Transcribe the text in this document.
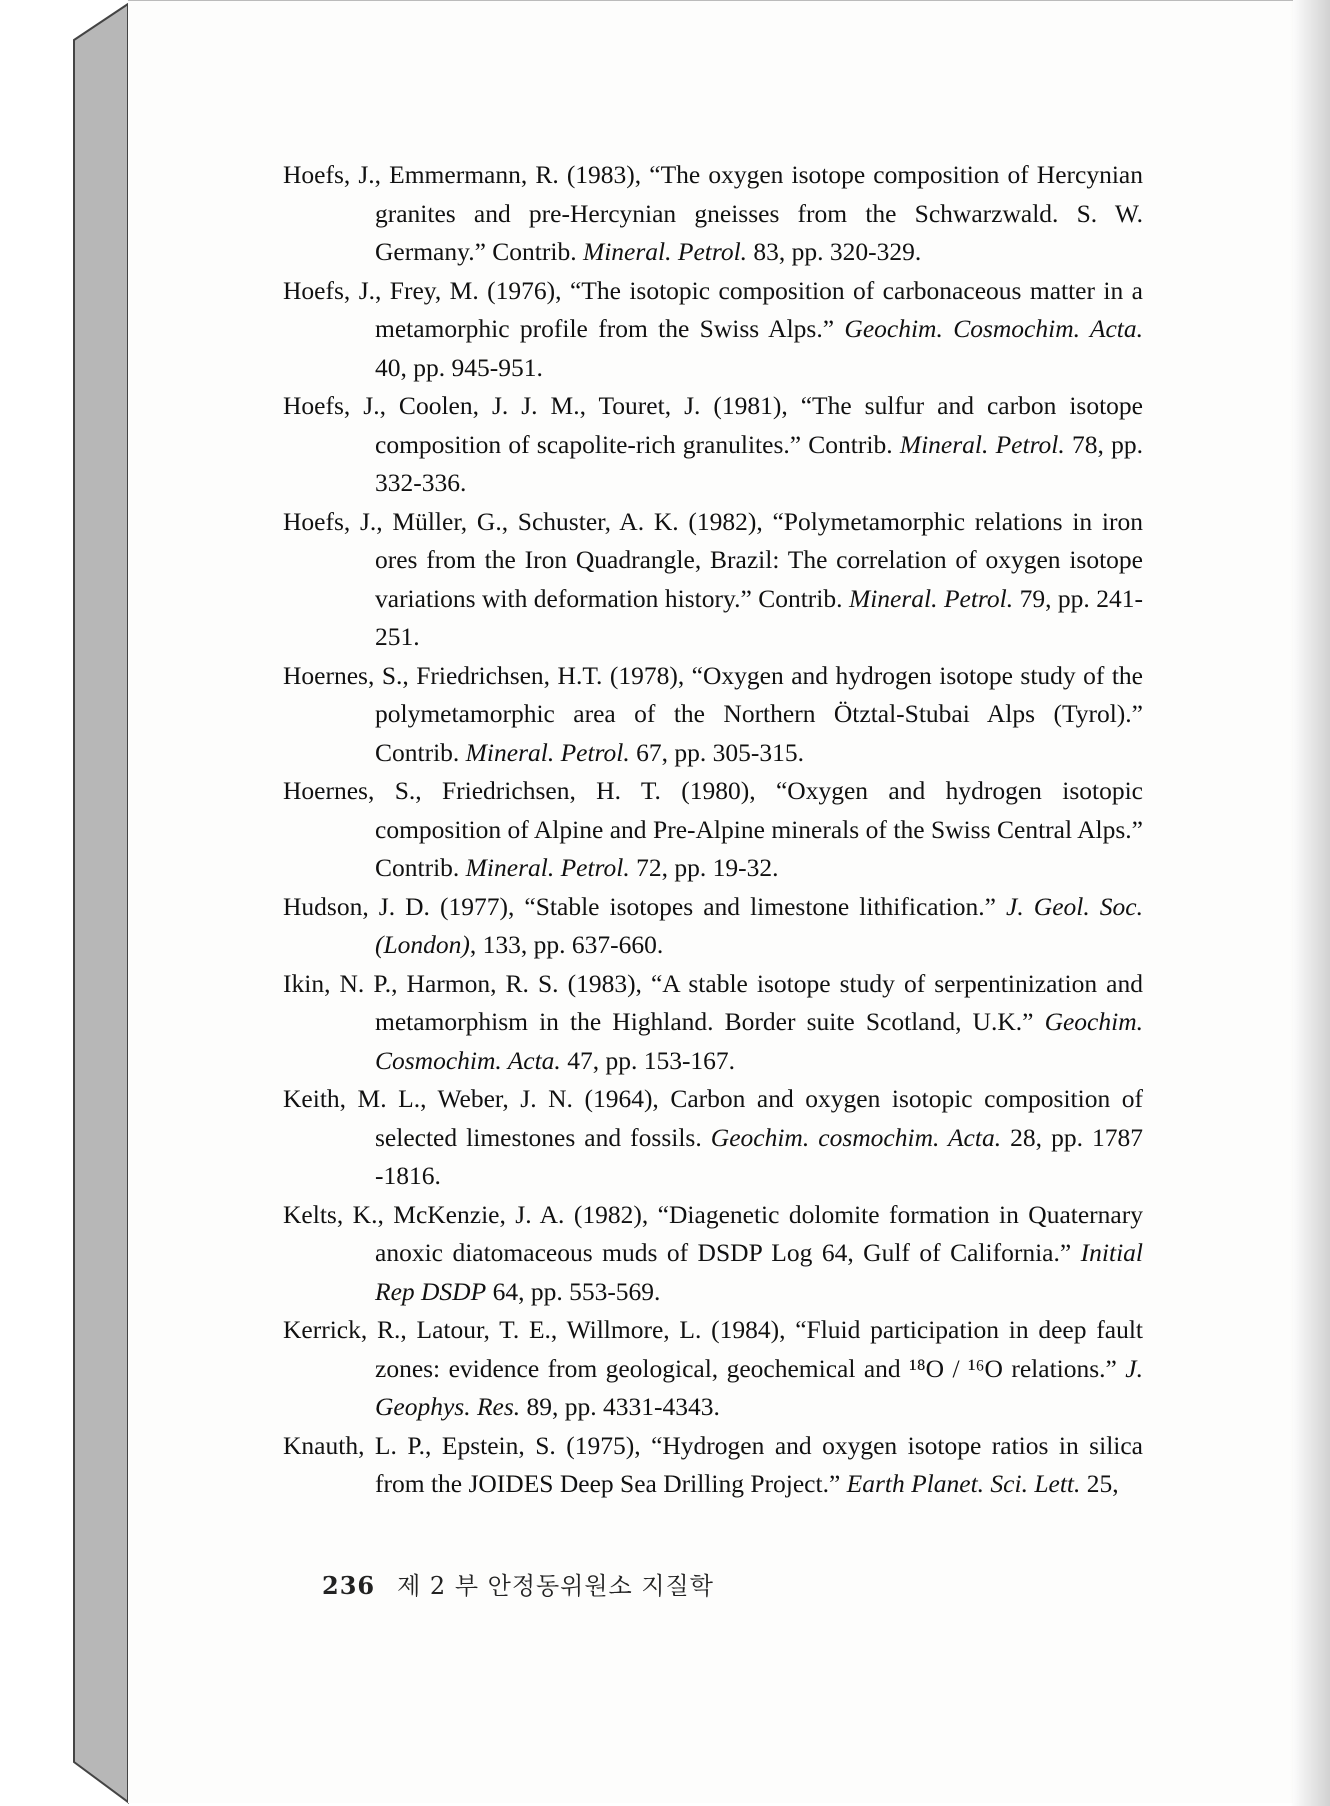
Hoefs, J., Emmermann, R. (1983), “The oxygen isotope composition of Hercynian granites and pre-Hercynian gneisses from the Schwarzwald. S. W. Germany.” Contrib. Mineral. Petrol. 83, pp. 320-329.

Hoefs, J., Frey, M. (1976), “The isotopic composition of carbonaceous matter in a metamorphic profile from the Swiss Alps.” Geochim. Cosmochim. Acta. 40, pp. 945-951.

Hoefs, J., Coolen, J. J. M., Touret, J. (1981), “The sulfur and carbon isotope composition of scapolite-rich granulites.” Contrib. Mineral. Petrol. 78, pp. 332-336.

Hoefs, J., Müller, G., Schuster, A. K. (1982), “Polymetamorphic relations in iron ores from the Iron Quadrangle, Brazil: The correlation of oxygen isotope variations with deformation history.” Contrib. Mineral. Petrol. 79, pp. 241-251.

Hoernes, S., Friedrichsen, H.T. (1978), “Oxygen and hydrogen isotope study of the polymetamorphic area of the Northern Ötztal-Stubai Alps (Tyrol).” Contrib. Mineral. Petrol. 67, pp. 305-315.

Hoernes, S., Friedrichsen, H. T. (1980), “Oxygen and hydrogen isotopic composition of Alpine and Pre-Alpine minerals of the Swiss Central Alps.” Contrib. Mineral. Petrol. 72, pp. 19-32.

Hudson, J. D. (1977), “Stable isotopes and limestone lithification.” J. Geol. Soc. (London), 133, pp. 637-660.

Ikin, N. P., Harmon, R. S. (1983), “A stable isotope study of serpentinization and metamorphism in the Highland. Border suite Scotland, U.K.” Geochim. Cosmochim. Acta. 47, pp. 153-167.

Keith, M. L., Weber, J. N. (1964), Carbon and oxygen isotopic composition of selected limestones and fossils. Geochim. cosmochim. Acta. 28, pp. 1787 -1816.

Kelts, K., McKenzie, J. A. (1982), “Diagenetic dolomite formation in Quaternary anoxic diatomaceous muds of DSDP Log 64, Gulf of California.” Initial Rep DSDP 64, pp. 553-569.

Kerrick, R., Latour, T. E., Willmore, L. (1984), “Fluid participation in deep fault zones: evidence from geological, geochemical and ¹⁸O / ¹⁶O relations.” J. Geophys. Res. 89, pp. 4331-4343.

Knauth, L. P., Epstein, S. (1975), “Hydrogen and oxygen isotope ratios in silica from the JOIDES Deep Sea Drilling Project.” Earth Planet. Sci. Lett. 25,

236 제 2 부 안정동위원소 지질학
